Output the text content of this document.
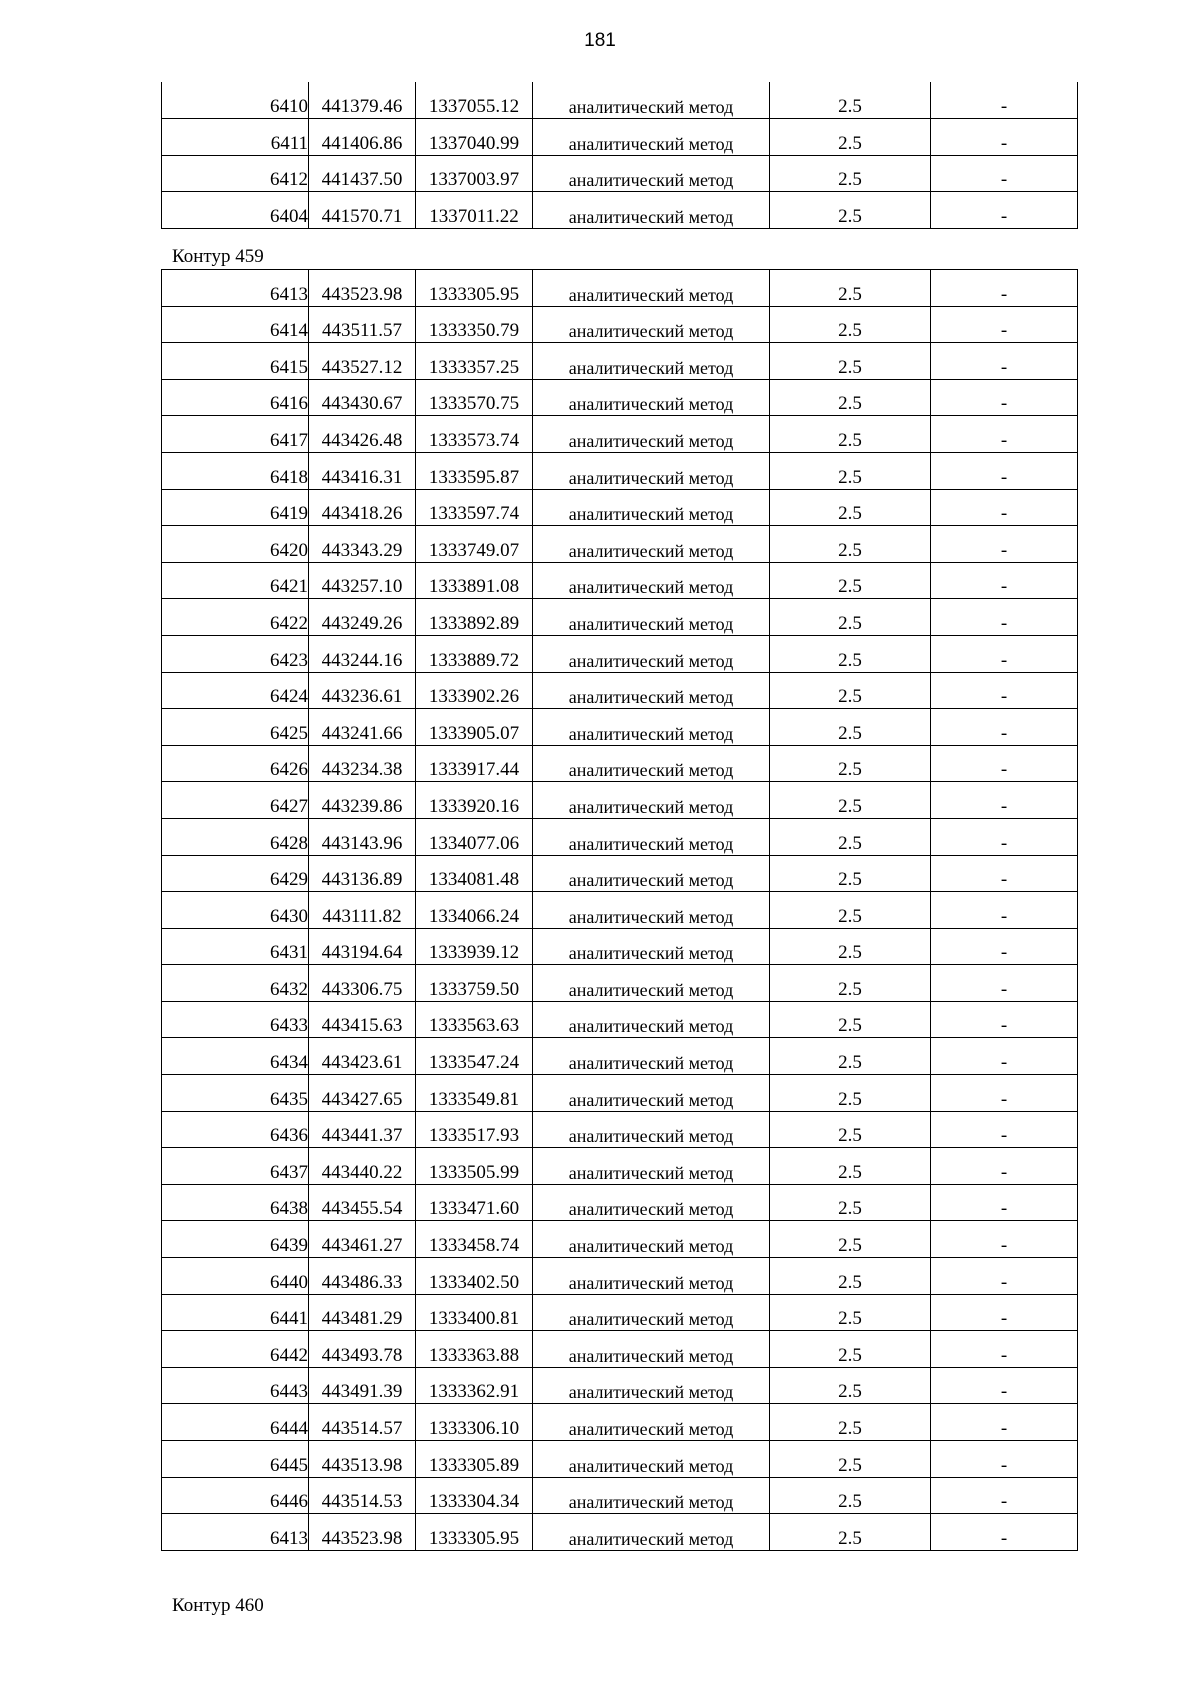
181
6410	441379.46	1337055.12	аналитический метод	2.5	-
6411	441406.86	1337040.99	аналитический метод	2.5	-
6412	441437.50	1337003.97	аналитический метод	2.5	-
6404	441570.71	1337011.22	аналитический метод	2.5	-
Контур 459
6413	443523.98	1333305.95	аналитический метод	2.5	-
6414	443511.57	1333350.79	аналитический метод	2.5	-
6415	443527.12	1333357.25	аналитический метод	2.5	-
6416	443430.67	1333570.75	аналитический метод	2.5	-
6417	443426.48	1333573.74	аналитический метод	2.5	-
6418	443416.31	1333595.87	аналитический метод	2.5	-
6419	443418.26	1333597.74	аналитический метод	2.5	-
6420	443343.29	1333749.07	аналитический метод	2.5	-
6421	443257.10	1333891.08	аналитический метод	2.5	-
6422	443249.26	1333892.89	аналитический метод	2.5	-
6423	443244.16	1333889.72	аналитический метод	2.5	-
6424	443236.61	1333902.26	аналитический метод	2.5	-
6425	443241.66	1333905.07	аналитический метод	2.5	-
6426	443234.38	1333917.44	аналитический метод	2.5	-
6427	443239.86	1333920.16	аналитический метод	2.5	-
6428	443143.96	1334077.06	аналитический метод	2.5	-
6429	443136.89	1334081.48	аналитический метод	2.5	-
6430	443111.82	1334066.24	аналитический метод	2.5	-
6431	443194.64	1333939.12	аналитический метод	2.5	-
6432	443306.75	1333759.50	аналитический метод	2.5	-
6433	443415.63	1333563.63	аналитический метод	2.5	-
6434	443423.61	1333547.24	аналитический метод	2.5	-
6435	443427.65	1333549.81	аналитический метод	2.5	-
6436	443441.37	1333517.93	аналитический метод	2.5	-
6437	443440.22	1333505.99	аналитический метод	2.5	-
6438	443455.54	1333471.60	аналитический метод	2.5	-
6439	443461.27	1333458.74	аналитический метод	2.5	-
6440	443486.33	1333402.50	аналитический метод	2.5	-
6441	443481.29	1333400.81	аналитический метод	2.5	-
6442	443493.78	1333363.88	аналитический метод	2.5	-
6443	443491.39	1333362.91	аналитический метод	2.5	-
6444	443514.57	1333306.10	аналитический метод	2.5	-
6445	443513.98	1333305.89	аналитический метод	2.5	-
6446	443514.53	1333304.34	аналитический метод	2.5	-
6413	443523.98	1333305.95	аналитический метод	2.5	-
Контур 460
